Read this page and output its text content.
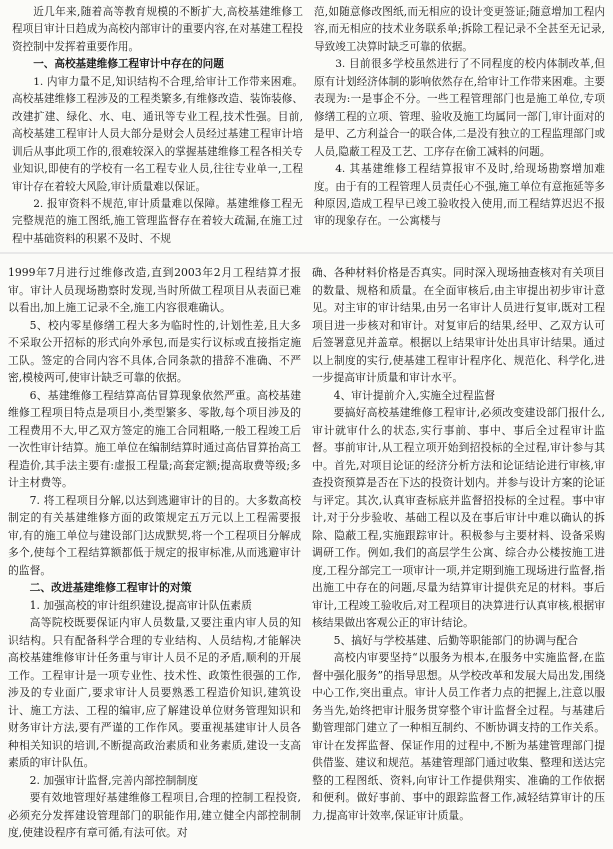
近几年来,随着高等教育规模的不断扩大,高校基建维修工程项目审计日趋成为高校内部审计的重要内容,在对基建工程投资控制中发挥着重要作用。

一、高校基建维修工程审计中存在的问题

1. 内审力量不足,知识结构不合理,给审计工作带来困难。高校基建维修工程涉及的工程类繁多,有维修改造、装饰装修、改建扩建、绿化、水、电、通讯等专业工程,技术性强。目前,高校基建工程审计人员大部分是财会人员经过基建工程审计培训后从事此项工作的,很难较深入的掌握基建维修工程各相关专业知识,即使有的学校有一名工程专业人员,往往专业单一,工程审计存在着较大风险,审计质量难以保证。

2. 报审资料不规范,审计质量难以保障。基建维修工程无完整规范的施工图纸,施工管理监督存在着较大疏漏,在施工过程中基础资料的积累不及时、不规

范,如随意修改图纸,而无相应的设计变更签证;随意增加工程内容,而无相应的技术业务联系单;拆除工程记录不全甚至无记录,导致竣工决算时缺乏可靠的依据。

3. 目前很多学校虽然进行了不同程度的校内体制改革,但原有计划经济体制的影响依然存在,给审计工作带来困难。主要表现为:一是事企不分。一些工程管理部门也是施工单位,专项修缮工程的立项、管理、验收及施工均属同一部门,审计面对的是甲、乙方利益合一的联合体,二是没有独立的工程监理部门或人员,隐蔽工程及工艺、工序存在偷工减料的问题。

4. 其基建维修工程结算报审不及时,给现场勘察增加难度。由于有的工程管理人员责任心不强,施工单位有意拖延等多种原因,造成工程早已竣工验收投入使用,而工程结算迟迟不报审的现象存在。一公寓楼与

1999年7月进行过维修改造,直到2003年2月工程结算才报审。审计人员现场勘察时发现,当时所做工程项目从表面已难以看出,加上施工记录不全,施工内容很难确认。

5、校内零星修缮工程大多为临时性的,计划性差,且大多不采取公开招标的形式向外承包,而是实行议标或直接指定施工队。签定的合同内容不具体,合同条款的措辞不准确、不严密,模棱两可,使审计缺乏可靠的依据。

6、基建维修工程结算高估冒算现象依然严重。高校基建维修工程项目特点是项目小,类型繁多、零散,每个项目涉及的工程费用不大,甲乙双方签定的施工合同粗略,一般工程竣工后一次性审计结算。施工单位在编制结算时通过高估冒算抬高工程造价,其手法主要有:虚报工程量;高套定额;提高取费等级;多计主材费等。

7. 将工程项目分解,以达到逃避审计的目的。大多数高校制定的有关基建维修方面的政策规定五万元以上工程需要报审,有的施工单位与建设部门达成默契,将一个工程项目分解成多个,使每个工程结算额都低于规定的报审标准,从而逃避审计的监督。

二、改进基建维修工程审计的对策

1. 加强高校的审计组织建设,提高审计队伍素质

高等院校既要保证内审人员数量,又要注重内审人员的知识结构。只有配备科学合理的专业结构、人员结构,才能解决高校基建维修审计任务重与审计人员不足的矛盾,顺利的开展工作。工程审计是一项专业性、技术性、政策性很强的工作,涉及的专业面广,要求审计人员要熟悉工程造价知识,建筑设计、施工方法、工程的编审,应了解建设单位财务管理知识和财务审计方法,要有严谨的工作作风。要重视基建审计人员各种相关知识的培训,不断提高政治素质和业务素质,建设一支高素质的审计队伍。

2. 加强审计监督,完善内部控制制度

要有效地管理好基建维修工程项目,合理的控制工程投资,必须充分发挥建设管理部门的职能作用,建立健全内部控制制度,使建设程序有章可循,有法可依。对

确、各种材料价格是否真实。同时深入现场抽查核对有关项目的数量、规格和质量。在全面审核后,由主审提出初步审计意见。对主审的审计结果,由另一名审计人员进行复审,既对工程项目进一步核对和审计。对复审后的结果,经甲、乙双方认可后签署意见并盖章。根据以上结果审计处出具审计结果。通过以上制度的实行,使基建工程审计程序化、规范化、科学化,进一步提高审计质量和审计水平。

4、审计提前介入,实施全过程监督

要搞好高校基建维修工程审计,必须改变建设部门报什么,审计就审什么的状态,实行事前、事中、事后全过程审计监督。事前审计,从工程立项开始到招投标的全过程,审计参与其中。首先,对项目论证的经济分析方法和论证结论进行审核,审查投资预算是否在下达的投资计划内。并参与设计方案的论证与评定。其次,认真审查标底并监督招投标的全过程。事中审计,对于分步验收、基础工程以及在事后审计中难以确认的拆除、隐蔽工程,实施跟踪审计。积极参与主要材料、设备采购调研工作。例如,我们的高层学生公寓、综合办公楼按施工进度,工程分部完工一项审计一项,并定期到施工现场进行监督,指出施工中存在的问题,尽量为结算审计提供充足的材料。事后审计,工程竣工验收后,对工程项目的决算进行认真审核,根据审核结果做出客观公正的审计结论。

5、搞好与学校基建、后勤等职能部门的协调与配合

高校内审要坚持“以服务为根本,在服务中实施监督,在监督中强化服务”的指导思想。从学校改革和发展大局出发,围绕中心工作,突出重点。审计人员工作者力点的把握上,注意以服务当先,始终把审计服务贯穿整个审计监督全过程。与基建后勤管理部门建立了一种相互制约、不断协调支持的工作关系。审计在发挥监督、保证作用的过程中,不断为基建管理部门提供借鉴、建议和规范。基建管理部门通过收集、整理和送达完整的工程图纸、资料,向审计工作提供翔实、准确的工作依据和便利。做好事前、事中的跟踪监督工作,减轻结算审计的压力,提高审计效率,保证审计质量。
